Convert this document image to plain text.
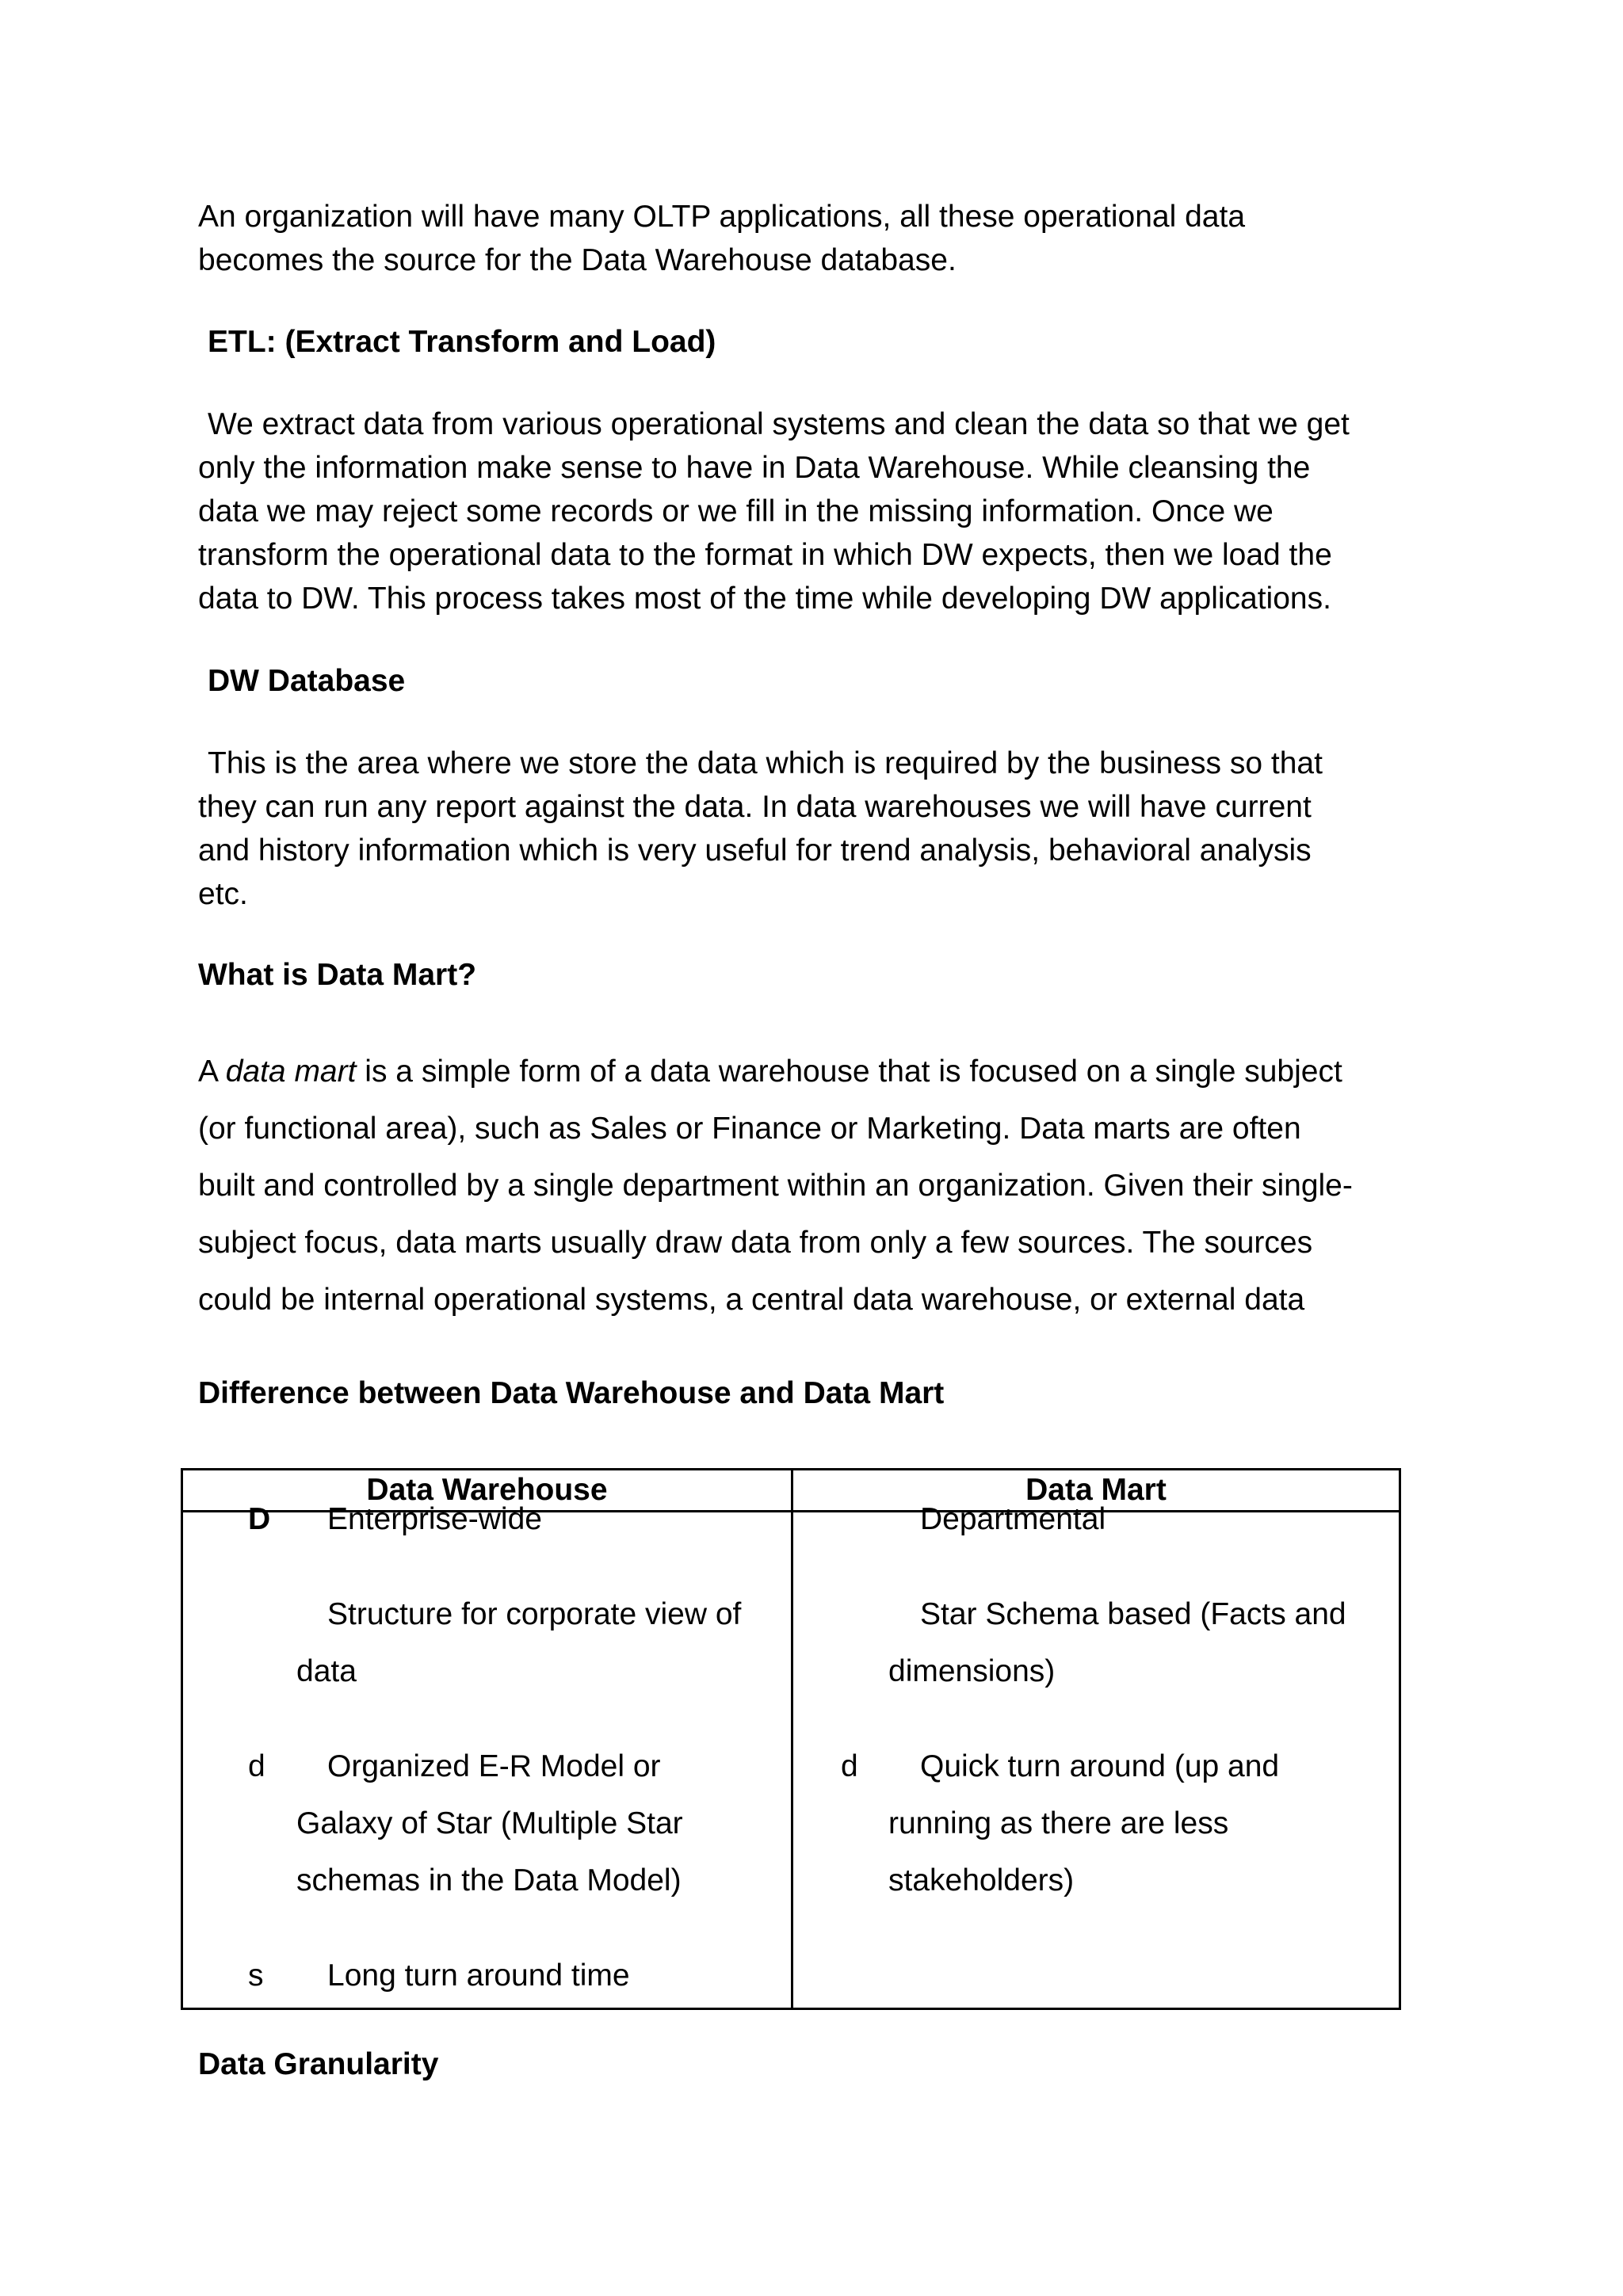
An organization will have many OLTP applications, all these operational data
becomes the source for the Data Warehouse database.

ETL: (Extract Transform and Load)

We extract data from various operational systems and clean the data so that we get
only the information make sense to have in Data Warehouse. While cleansing the
data we may reject some records or we fill in the missing information. Once we
transform the operational data to the format in which DW expects, then we load the
data to DW. This process takes most of the time while developing DW applications.

DW Database

This is the area where we store the data which is required by the business so that
they can run any report against the data. In data warehouses we will have current
and history information which is very useful for trend analysis, behavioral analysis
etc.

What is Data Mart?

A data mart is a simple form of a data warehouse that is focused on a single subject
(or functional area), such as Sales or Finance or Marketing. Data marts are often
built and controlled by a single department within an organization. Given their single-
subject focus, data marts usually draw data from only a few sources. The sources
could be internal operational systems, a central data warehouse, or external data

Difference between Data Warehouse and Data Mart

Data Warehouse	Data Mart
D Enterprise-wide

Structure for corporate view of

data

d Organized E-R Model or

Galaxy of Star (Multiple Star

schemas in the Data Model)

s Long turn around time

Departmental

Star Schema based (Facts and

dimensions)

d Quick turn around (up and

running as there are less

stakeholders)

Data Granularity
